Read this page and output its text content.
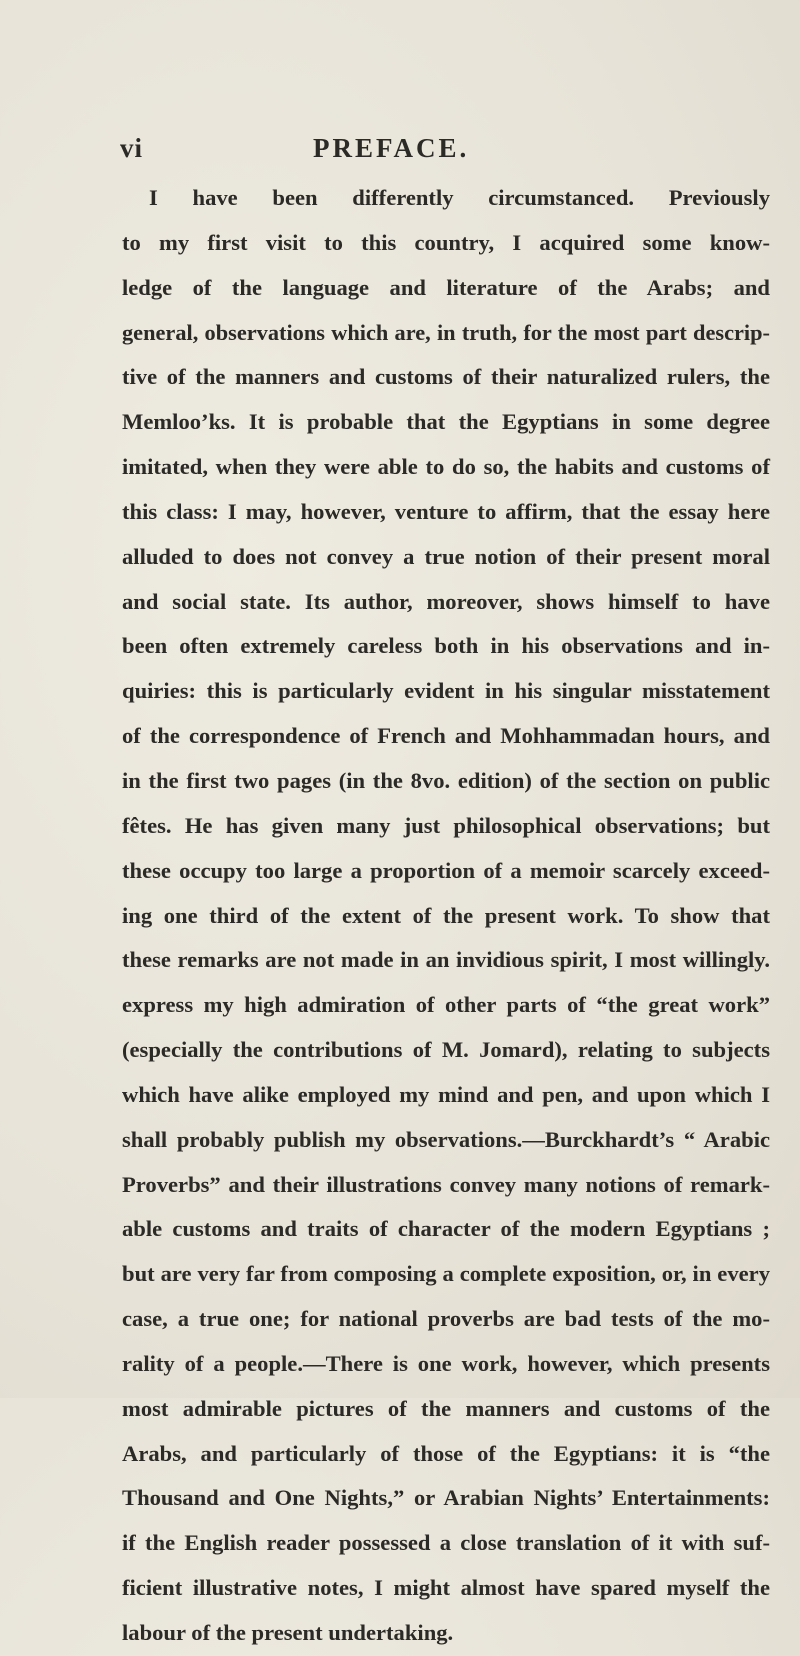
vi	PREFACE.
I have been differently circumstanced. Previously
to my first visit to this country, I acquired some know-
ledge of the language and literature of the Arabs; and
general, observations which are, in truth, for the most part descrip-
tive of the manners and customs of their naturalized rulers, the
Memloo’ks. It is probable that the Egyptians in some degree
imitated, when they were able to do so, the habits and customs of
this class: I may, however, venture to affirm, that the essay here
alluded to does not convey a true notion of their present moral
and social state. Its author, moreover, shows himself to have
been often extremely careless both in his observations and in-
quiries: this is particularly evident in his singular misstatement
of the correspondence of French and Mohhammadan hours, and
in the first two pages (in the 8vo. edition) of the section on public
fêtes. He has given many just philosophical observations; but
these occupy too large a proportion of a memoir scarcely exceed-
ing one third of the extent of the present work. To show that
these remarks are not made in an invidious spirit, I most willingly.
express my high admiration of other parts of “the great work”
(especially the contributions of M. Jomard), relating to subjects
which have alike employed my mind and pen, and upon which I
shall probably publish my observations.—Burckhardt’s “ Arabic
Proverbs” and their illustrations convey many notions of remark-
able customs and traits of character of the modern Egyptians ;
but are very far from composing a complete exposition, or, in every
case, a true one; for national proverbs are bad tests of the mo-
rality of a people.—There is one work, however, which presents
most admirable pictures of the manners and customs of the
Arabs, and particularly of those of the Egyptians: it is “the
Thousand and One Nights,” or Arabian Nights’ Entertainments:
if the English reader possessed a close translation of it with suf-
ficient illustrative notes, I might almost have spared myself the
labour of the present undertaking.
